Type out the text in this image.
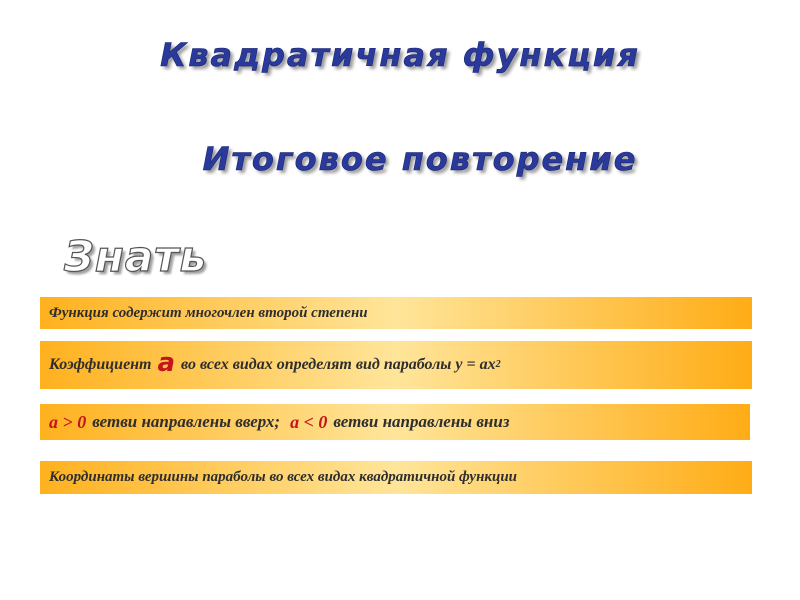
Квадратичная функция
Итоговое повторение
Знать
Функция содержит многочлен второй степени
Коэффициент а во всех видах определят вид параболы у = ах 2
а > 0 ветви направлены вверх; а < 0 ветви направлены вниз
Координаты вершины параболы во всех видах квадратичной функции
